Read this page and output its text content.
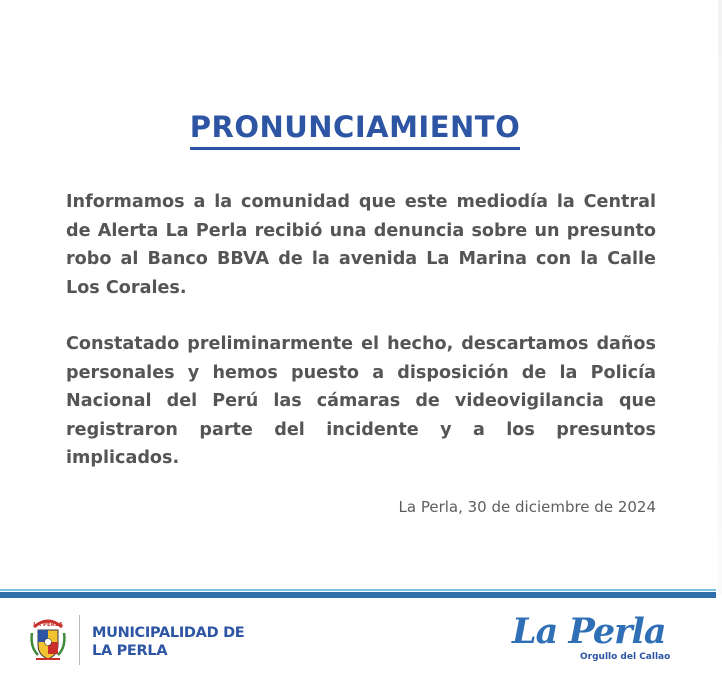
PRONUNCIAMIENTO

Informamos a la comunidad que este mediodía la Central de Alerta La Perla recibió una denuncia sobre un presunto robo al Banco BBVA de la avenida La Marina con la Calle Los Corales.

Constatado preliminarmente el hecho, descartamos daños personales y hemos puesto a disposición de la Policía Nacional del Perú las cámaras de videovigilancia que registraron parte del incidente y a los presuntos implicados.

La Perla, 30 de diciembre de 2024
LA PERLA MUNICIPALIDAD DE
LA PERLA	La Perla
Orgullo del Callao
